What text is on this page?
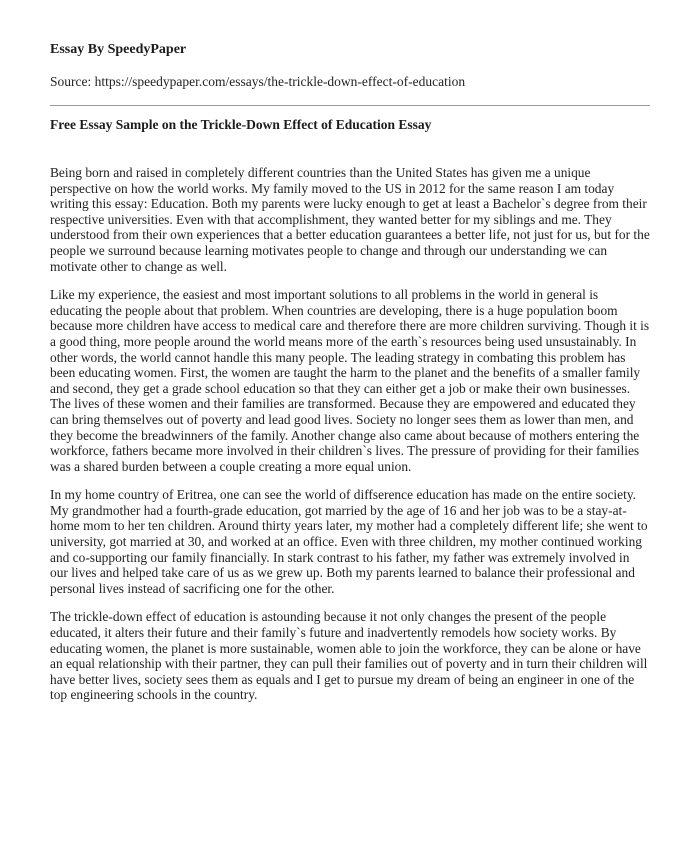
Essay By SpeedyPaper
Source: https://speedypaper.com/essays/the-trickle-down-effect-of-education
Free Essay Sample on the Trickle-Down Effect of Education Essay

Being born and raised in completely different countries than the United States has given me a unique perspective on how the world works. My family moved to the US in 2012 for the same reason I am today writing this essay: Education. Both my parents were lucky enough to get at least a Bachelor`s degree from their respective universities. Even with that accomplishment, they wanted better for my siblings and me. They understood from their own experiences that a better education guarantees a better life, not just for us, but for the people we surround because learning motivates people to change and through our understanding we can motivate other to change as well.

Like my experience, the easiest and most important solutions to all problems in the world in general is educating the people about that problem. When countries are developing, there is a huge population boom because more children have access to medical care and therefore there are more children surviving. Though it is a good thing, more people around the world means more of the earth`s resources being used unsustainably. In other words, the world cannot handle this many people. The leading strategy in combating this problem has been educating women. First, the women are taught the harm to the planet and the benefits of a smaller family and second, they get a grade school education so that they can either get a job or make their own businesses. The lives of these women and their families are transformed. Because they are empowered and educated they can bring themselves out of poverty and lead good lives. Society no longer sees them as lower than men, and they become the breadwinners of the family. Another change also came about because of mothers entering the workforce, fathers became more involved in their children`s lives. The pressure of providing for their families was a shared burden between a couple creating a more equal union.

In my home country of Eritrea, one can see the world of diffserence education has made on the entire society. My grandmother had a fourth-grade education, got married by the age of 16 and her job was to be a stay-at-home mom to her ten children. Around thirty years later, my mother had a completely different life; she went to university, got married at 30, and worked at an office. Even with three children, my mother continued working and co-supporting our family financially. In stark contrast to his father, my father was extremely involved in our lives and helped take care of us as we grew up. Both my parents learned to balance their professional and personal lives instead of sacrificing one for the other.

The trickle-down effect of education is astounding because it not only changes the present of the people educated, it alters their future and their family`s future and inadvertently remodels how society works. By educating women, the planet is more sustainable, women able to join the workforce, they can be alone or have an equal relationship with their partner, they can pull their families out of poverty and in turn their children will have better lives, society sees them as equals and I get to pursue my dream of being an engineer in one of the top engineering schools in the country.
